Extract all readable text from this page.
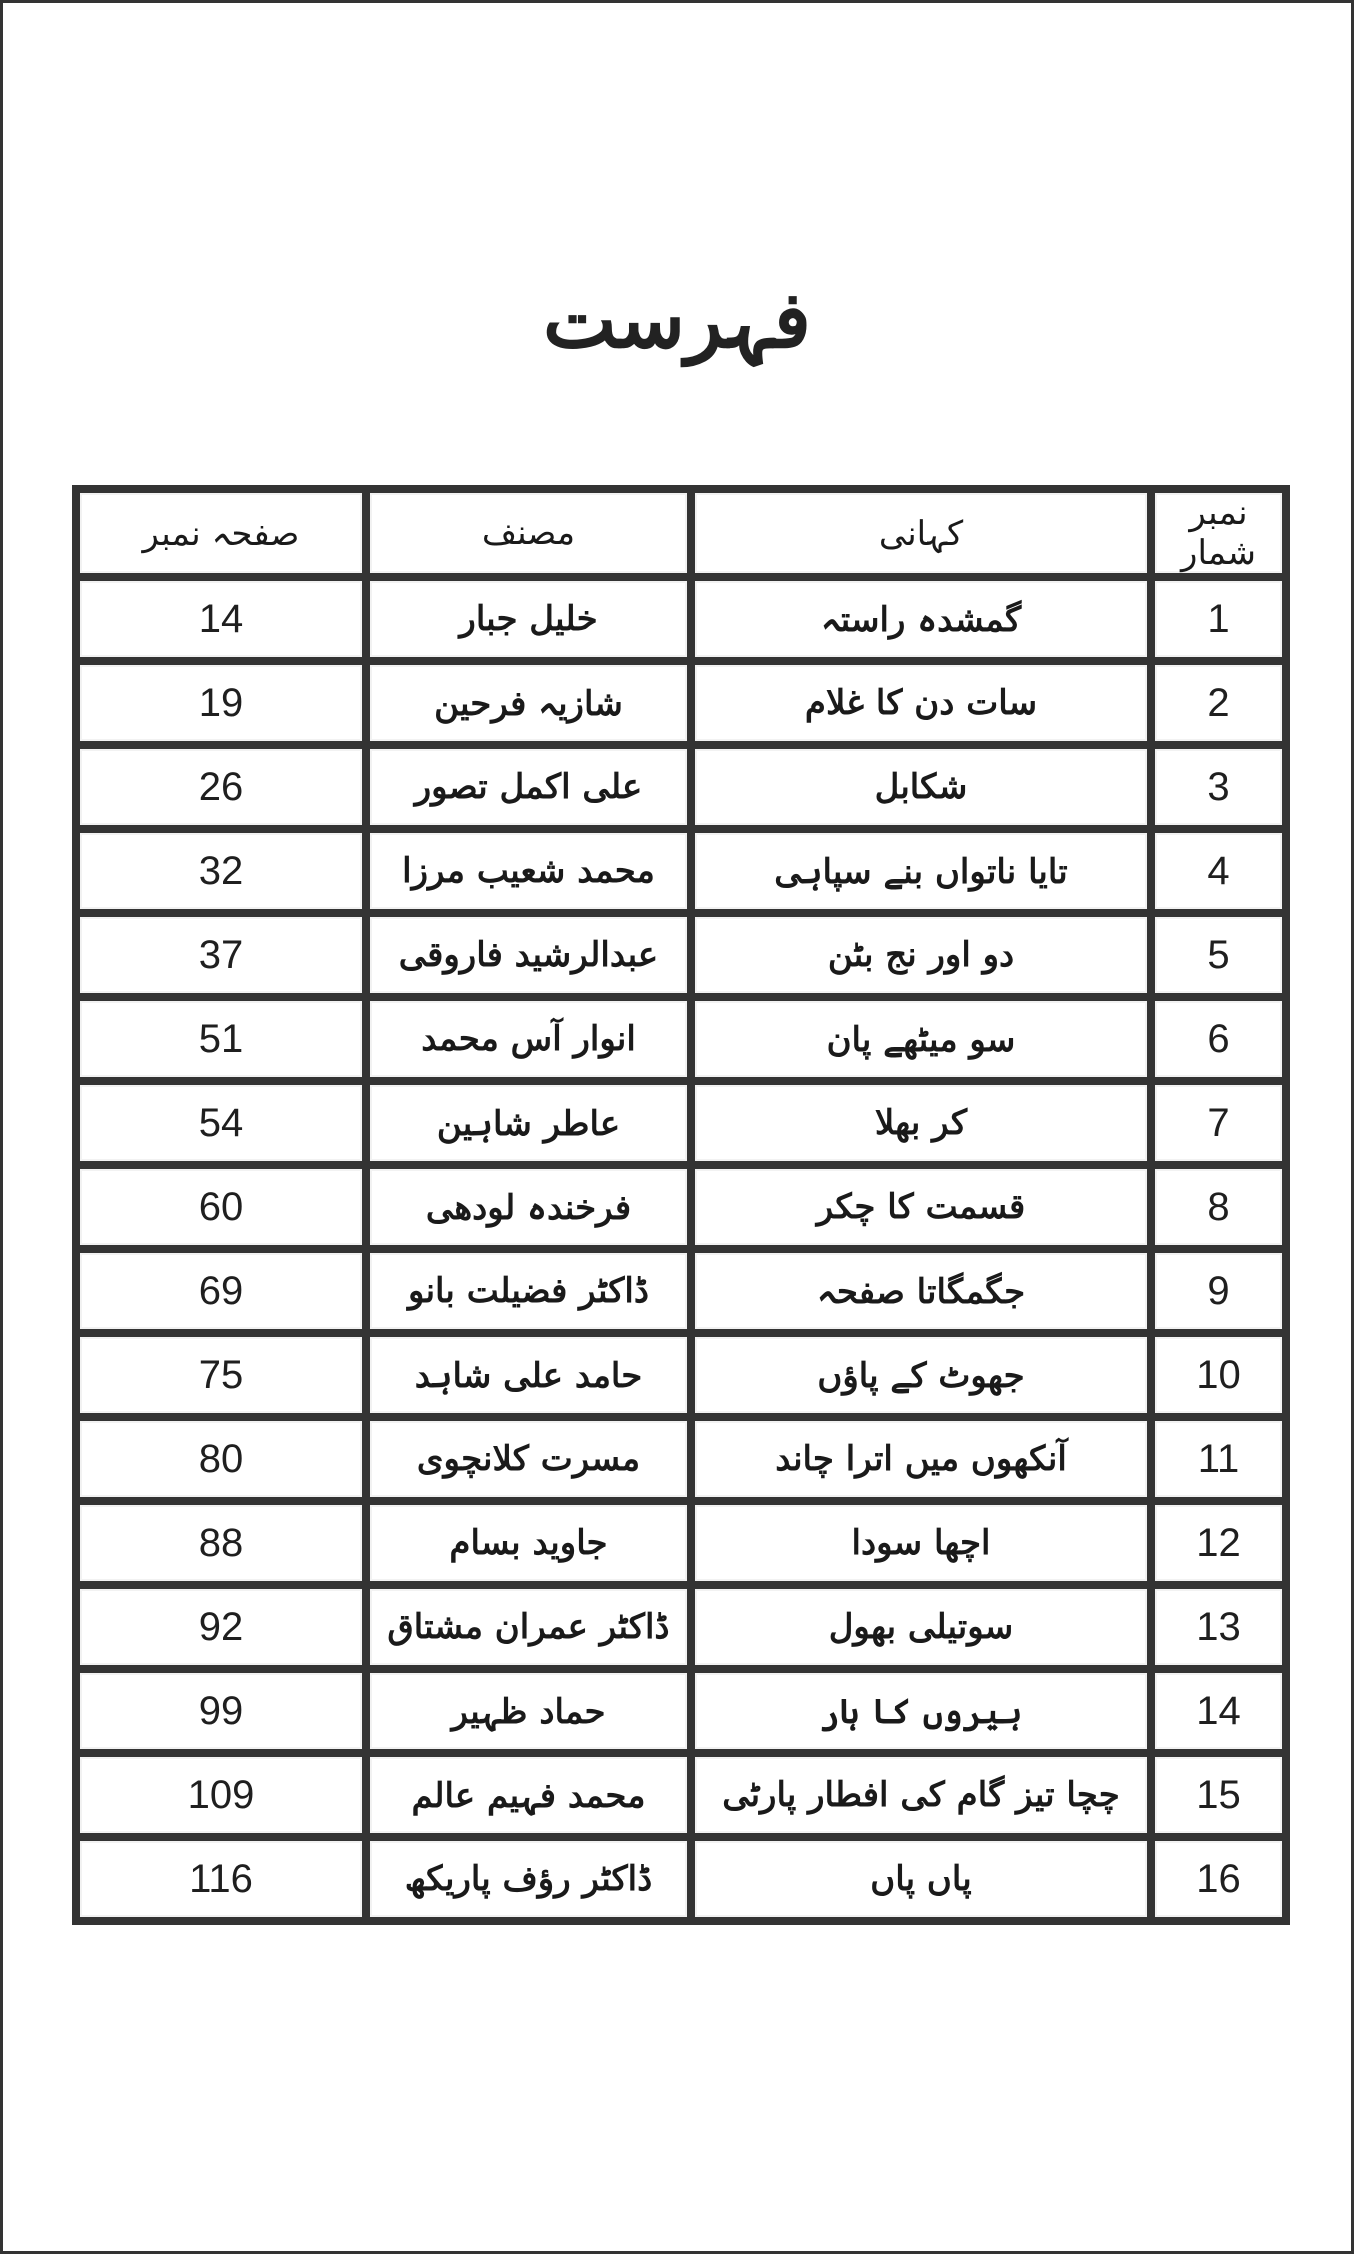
فہرست
نمبر شمار	کہانی	مصنف	صفحہ نمبر
1	گمشدہ راستہ	خلیل جبار	14
2	سات دن کا غلام	شازیہ فرحین	19
3	شکابل	علی اکمل تصور	26
4	تایا ناتواں بنے سپاہی	محمد شعیب مرزا	32
5	دو اور نج بٹن	عبدالرشید فاروقی	37
6	سو میٹھے پان	انوار آس محمد	51
7	کر بھلا	عاطر شاہین	54
8	قسمت کا چکر	فرخندہ لودھی	60
9	جگمگاتا صفحہ	ڈاکٹر فضیلت بانو	69
10	جھوٹ کے پاؤں	حامد علی شاہد	75
11	آنکھوں میں اترا چاند	مسرت کلانچوی	80
12	اچھا سودا	جاوید بسام	88
13	سوتیلی بھول	ڈاکٹر عمران مشتاق	92
14	ہیروں کا ہار	حماد ظہیر	99
15	چچا تیز گام کی افطار پارٹی	محمد فہیم عالم	109
16	پاں پاں	ڈاکٹر رؤف پاریکھ	116
